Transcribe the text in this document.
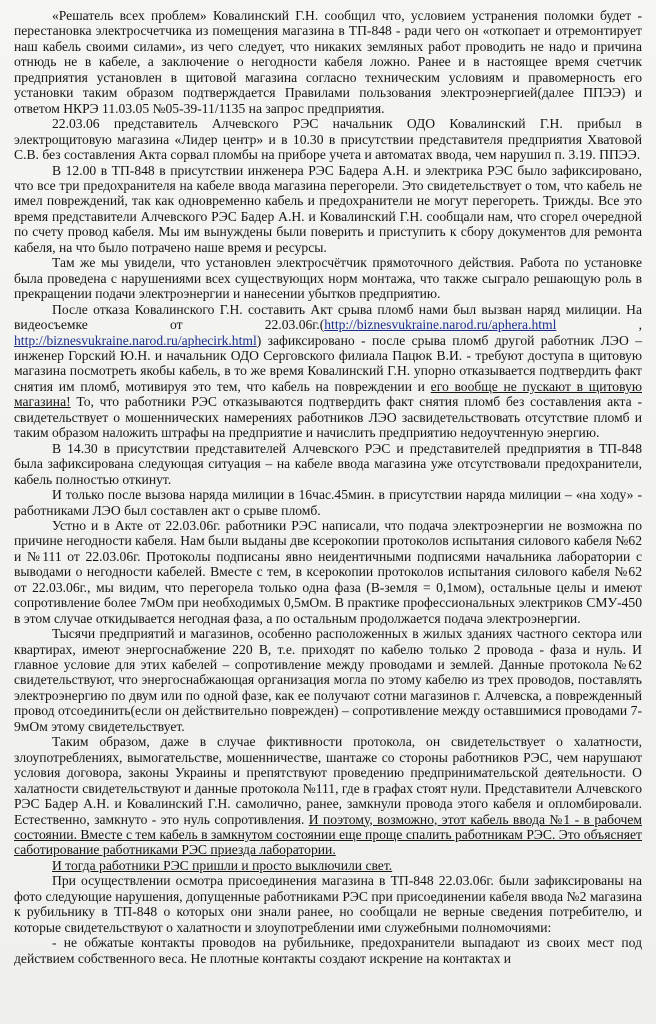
«Решатель всех проблем» Ковалинский Г.Н. сообщил что, условием устранения поломки будет - перестановка электросчетчика из помещения магазина в ТП-848 - ради чего он «откопает и отремонтирует наш кабель своими силами», из чего следует, что никаких земляных работ проводить не надо и причина отнюдь не в кабеле, а заключение о негодности кабеля ложно. Ранее и в настоящее время счетчик предприятия установлен в щитовой магазина согласно техническим условиям и правомерность его установки таким образом подтверждается Правилами пользования электроэнергией(далее ППЭЭ) и ответом НКРЭ 11.03.05 №05-39-11/1135 на запрос предприятия.

22.03.06 представитель Алчевского РЭС начальник ОДО Ковалинский Г.Н. прибыл в электрощитовую магазина «Лидер центр» и в 10.30 в присутствии представителя предприятия Хватовой С.В. без составления Акта сорвал пломбы на приборе учета и автоматах ввода, чем нарушил п. 3.19. ППЭЭ.

В 12.00 в ТП-848 в присутствии инженера РЭС Бадера А.Н. и электрика РЭС было зафиксировано, что все три предохранителя на кабеле ввода магазина перегорели. Это свидетельствует о том, что кабель не имел повреждений, так как одновременно кабель и предохранители не могут перегореть. Трижды. Все это время представители Алчевского РЭС Бадер А.Н. и Ковалинский Г.Н. сообщали нам, что сгорел очередной по счету провод кабеля. Мы им вынуждены были поверить и приступить к сбору документов для ремонта кабеля, на что было потрачено наше время и ресурсы.

Там же мы увидели, что установлен электросчётчик прямоточного действия. Работа по установке была проведена с нарушениями всех существующих норм монтажа, что также сыграло решающую роль в прекращении подачи электроэнергии и нанесении убытков предприятию.

После отказа Ковалинского Г.Н. составить Акт срыва пломб нами был вызван наряд милиции. На видеосъемке от 22.03.06г.(http://biznesvukraine.narod.ru/aphera.html , http://biznesvukraine.narod.ru/aphecirk.html) зафиксировано - после срыва пломб другой работник ЛЭО – инженер Горский Ю.Н. и начальник ОДО Серговского филиала Пацюк В.И. - требуют доступа в щитовую магазина посмотреть якобы кабель, в то же время Ковалинский Г.Н. упорно отказывается подтвердить факт снятия им пломб, мотивируя это тем, что кабель на повреждении и его вообще не пускают в щитовую магазина! То, что работники РЭС отказываются подтвердить факт снятия пломб без составления акта - свидетельствует о мошеннических намерениях работников ЛЭО засвидетельствовать отсутствие пломб и таким образом наложить штрафы на предприятие и начислить предприятию недоучтенную энергию.

В 14.30 в присутствии представителей Алчевского РЭС и представителей предприятия в ТП-848 была зафиксирована следующая ситуация – на кабеле ввода магазина уже отсутствовали предохранители, кабель полностью откинут.

И только после вызова наряда милиции в 16час.45мин. в присутствии наряда милиции – «на ходу» - работниками ЛЭО был составлен акт о срыве пломб.

Устно и в Акте от 22.03.06г. работники РЭС написали, что подача электроэнергии не возможна по причине негодности кабеля. Нам были выданы две ксерокопии протоколов испытания силового кабеля №62 и №111 от 22.03.06г. Протоколы подписаны явно неидентичными подписями начальника лаборатории с выводами о негодности кабелей. Вместе с тем, в ксерокопии протоколов испытания силового кабеля №62 от 22.03.06г., мы видим, что перегорела только одна фаза (В-земля = 0,1мом), остальные целы и имеют сопротивление более 7мОм при необходимых 0,5мОм. В практике профессиональных электриков СМУ-450 в этом случае откидывается негодная фаза, а по остальным продолжается подача электроэнергии.

Тысячи предприятий и магазинов, особенно расположенных в жилых зданиях частного сектора или квартирах, имеют энергоснабжение 220 В, т.е. приходят по кабелю только 2 провода - фаза и нуль. И главное условие для этих кабелей – сопротивление между проводами и землей. Данные протокола №62 свидетельствуют, что энергоснабжающая организация могла по этому кабелю из трех проводов, поставлять электроэнергию по двум или по одной фазе, как ее получают сотни магазинов г. Алчевска, а поврежденный провод отсоединить(если он действительно поврежден) – сопротивление между оставшимися проводами 7-9мОм этому свидетельствует.

Таким образом, даже в случае фиктивности протокола, он свидетельствует о халатности, злоупотреблениях, вымогательстве, мошенничестве, шантаже со стороны работников РЭС, чем нарушают условия договора, законы Украины и препятствуют проведению предпринимательской деятельности. О халатности свидетельствуют и данные протокола №111, где в графах стоят нули. Представители Алчевского РЭС Бадер А.Н. и Ковалинский Г.Н. самолично, ранее, замкнули провода этого кабеля и опломбировали. Естественно, замкнуто - это нуль сопротивления. И поэтому, возможно, этот кабель ввода №1 - в рабочем состоянии. Вместе с тем кабель в замкнутом состоянии еще проще спалить работникам РЭС. Это объясняет саботирование работниками РЭС приезда лаборатории.

И тогда работники РЭС пришли и просто выключили свет.

При осуществлении осмотра присоединения магазина в ТП-848 22.03.06г. были зафиксированы на фото следующие нарушения, допущенные работниками РЭС при присоединении кабеля ввода №2 магазина к рубильнику в ТП-848 о которых они знали ранее, но сообщали не верные сведения потребителю, и которые свидетельствуют о халатности и злоупотреблении ими служебными полномочиями:

- не обжатые контакты проводов на рубильнике, предохранители выпадают из своих мест под действием собственного веса. Не плотные контакты создают искрение на контактах и
